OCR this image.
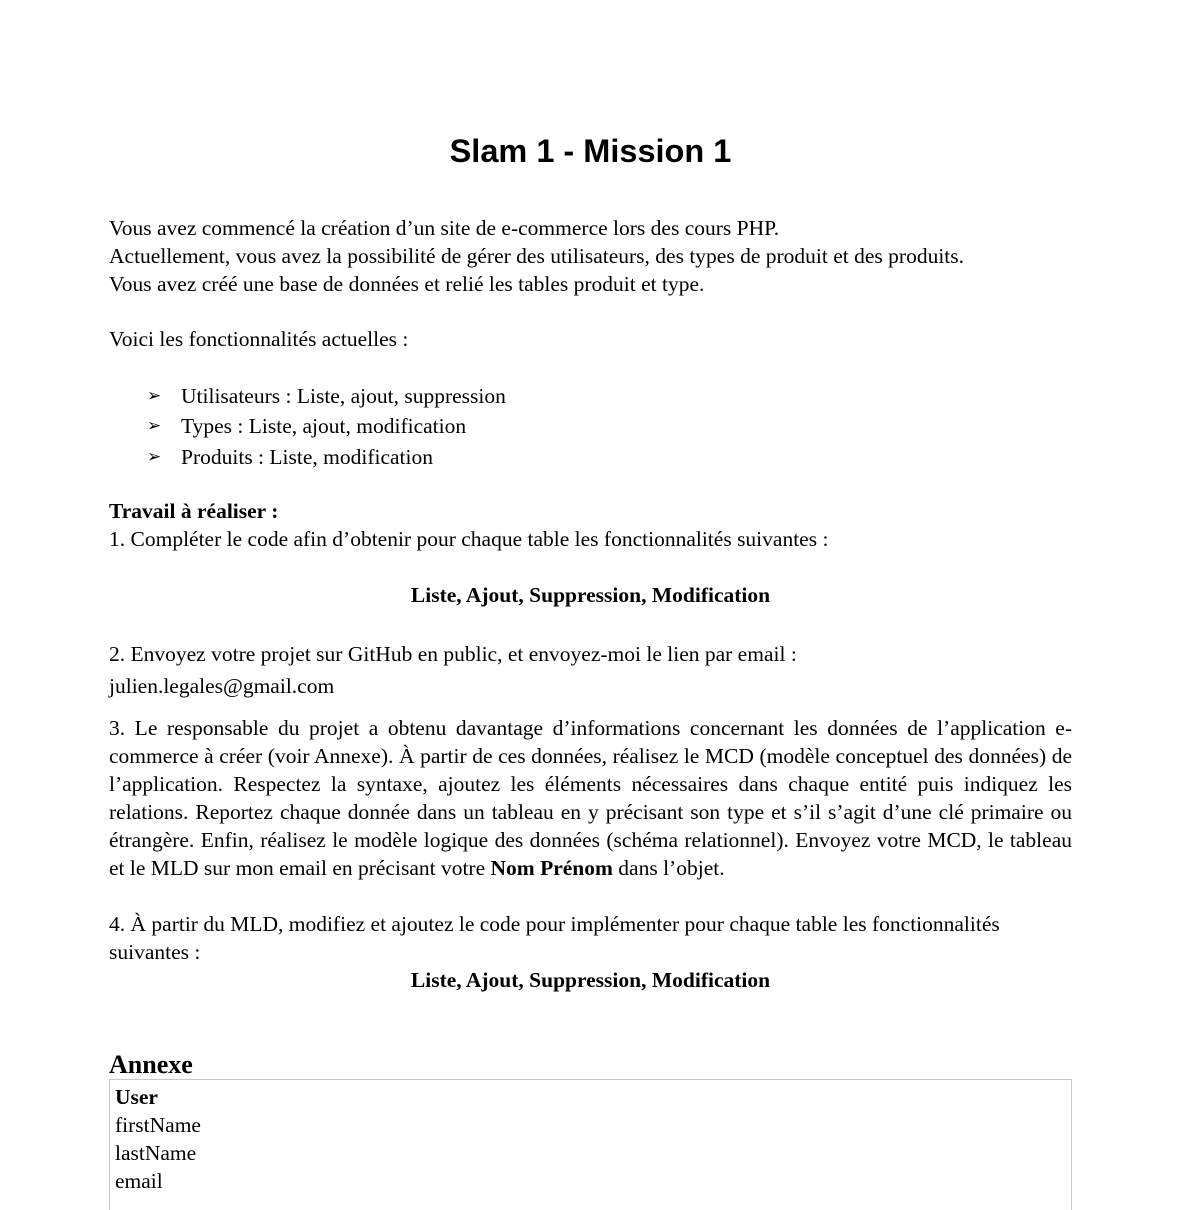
Slam 1 - Mission 1

Vous avez commencé la création d’un site de e-commerce lors des cours PHP.

Actuellement, vous avez la possibilité de gérer des utilisateurs, des types de produit et des produits.

Vous avez créé une base de données et relié les tables produit et type.

Voici les fonctionnalités actuelles :

➢ Utilisateurs : Liste, ajout, suppression
➢ Types : Liste, ajout, modification
➢ Produits : Liste, modification

Travail à réaliser :

1. Compléter le code afin d’obtenir pour chaque table les fonctionnalités suivantes :

Liste, Ajout, Suppression, Modification

2. Envoyez votre projet sur GitHub en public, et envoyez-moi le lien par email :

julien.legales@gmail.com

3. Le responsable du projet a obtenu davantage d’informations concernant les données de l’application e-commerce à créer (voir Annexe). À partir de ces données, réalisez le MCD (modèle conceptuel des données) de l’application. Respectez la syntaxe, ajoutez les éléments nécessaires dans chaque entité puis indiquez les relations. Reportez chaque donnée dans un tableau en y précisant son type et s’il s’agit d’une clé primaire ou étrangère. Enfin, réalisez le modèle logique des données (schéma relationnel). Envoyez votre MCD, le tableau et le MLD sur mon email en précisant votre Nom Prénom dans l’objet.

4. À partir du MLD, modifiez et ajoutez le code pour implémenter pour chaque table les fonctionnalités suivantes :

Liste, Ajout, Suppression, Modification

Annexe
User
firstName
lastName
email
